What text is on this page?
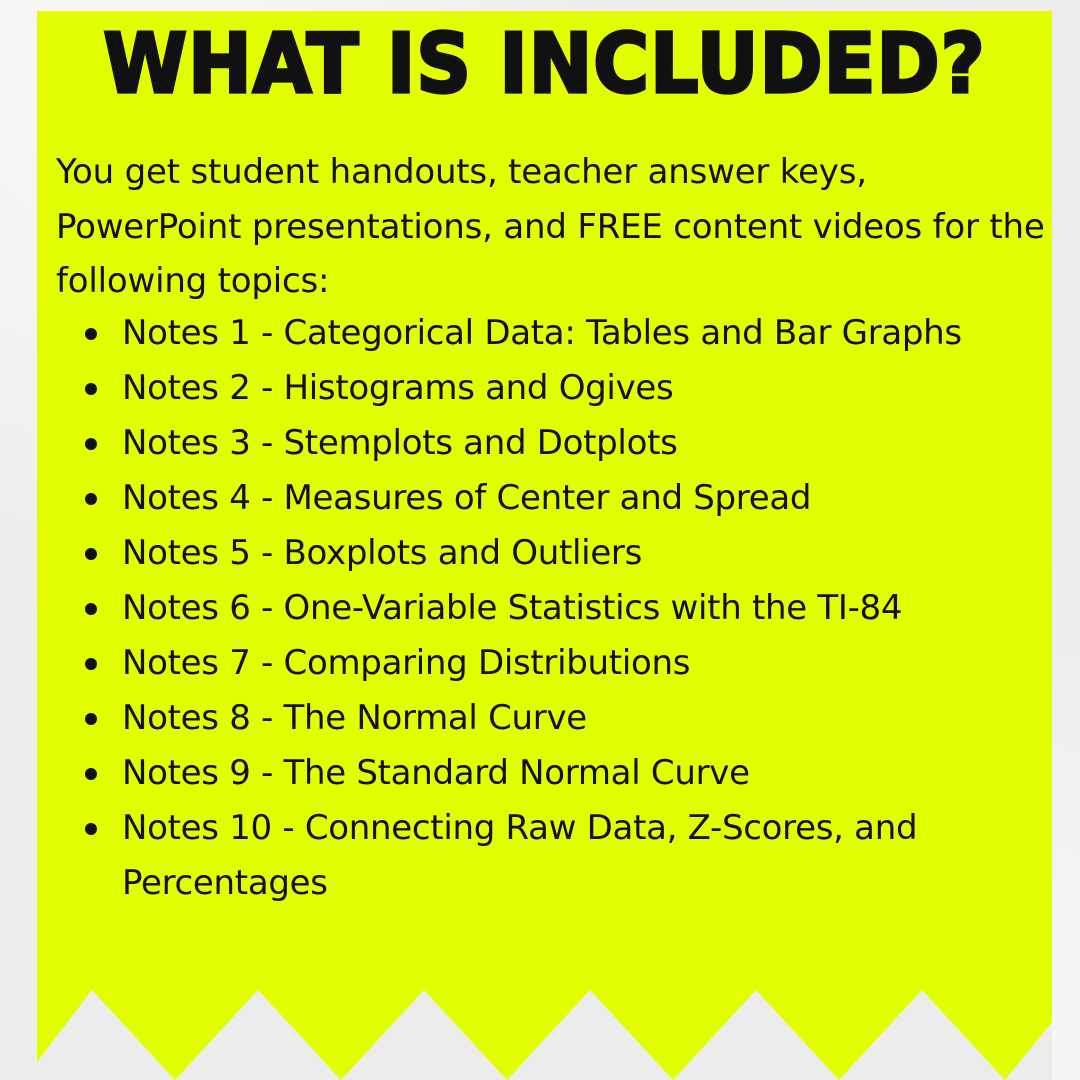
WHAT IS INCLUDED?

You get student handouts, teacher answer keys, PowerPoint presentations, and FREE content videos for the following topics:

Notes 1 - Categorical Data: Tables and Bar Graphs
Notes 2 - Histograms and Ogives
Notes 3 - Stemplots and Dotplots
Notes 4 - Measures of Center and Spread
Notes 5 - Boxplots and Outliers
Notes 6 - One-Variable Statistics with the TI-84
Notes 7 - Comparing Distributions
Notes 8 - The Normal Curve
Notes 9 - The Standard Normal Curve
Notes 10 - Connecting Raw Data, Z-Scores, and Percentages
